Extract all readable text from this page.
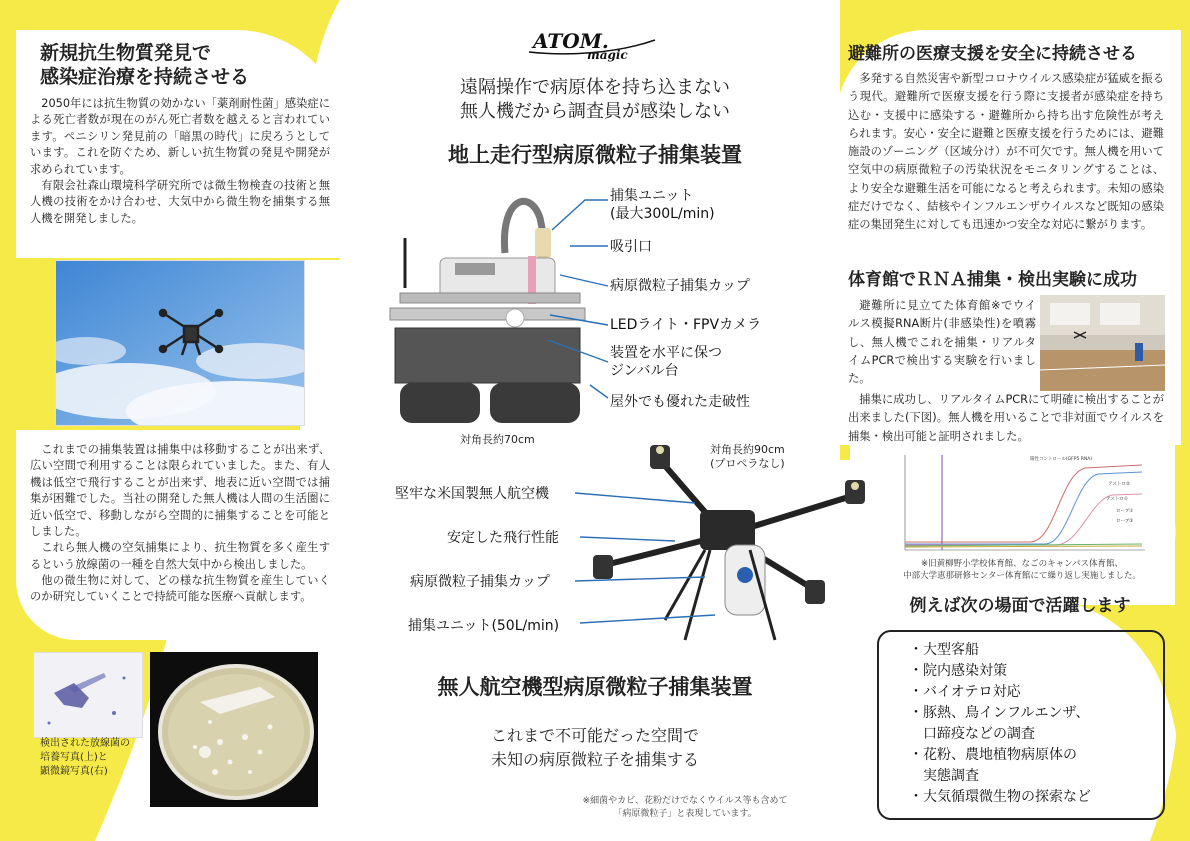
新規抗生物質発見で
感染症治療を持続させる

2050年には抗生物質の効かない「薬剤耐性菌」感染症による死亡者数が現在のがん死亡者数を越えると言われています。ペニシリン発見前の「暗黒の時代」に戻ろうとしています。これを防ぐため、新しい抗生物質の発見や開発が求められています。

有限会社森山環境科学研究所では微生物検査の技術と無人機の技術をかけ合わせ、大気中から微生物を捕集する無人機を開発しました。

これまでの捕集装置は捕集中は移動することが出来ず、広い空間で利用することは限られていました。また、有人機は低空で飛行することが出来ず、地表に近い空間では捕集が困難でした。当社の開発した無人機は人間の生活圏に近い低空で、移動しながら空間的に捕集することを可能としました。

これら無人機の空気捕集により、抗生物質を多く産生するという放線菌の一種を自然大気中から検出しました。

他の微生物に対して、どの様な抗生物質を産生していくのか研究していくことで持続可能な医療へ貢献します。

検出された放線菌の
培養写真(上)と
顕微鏡写真(右)
ATOM.
magic
遠隔操作で病原体を持ち込まない
無人機だから調査員が感染しない
地上走行型病原微粒子捕集装置
捕集ユニット
(最大300L/min)
吸引口
病原微粒子捕集カップ
LEDライト・FPVカメラ
装置を水平に保つ
ジンバル台
屋外でも優れた走破性
対角長約70cm
対角長約90cm
(プロペラなし)
堅牢な米国製無人航空機
安定した飛行性能
病原微粒子捕集カップ
捕集ユニット(50L/min)
無人航空機型病原微粒子捕集装置
これまで不可能だった空間で
未知の病原微粒子を捕集する
※細菌やカビ、花粉だけでなくウイルス等も含めて
「病原微粒子」と表現しています。
避難所の医療支援を安全に持続させる

多発する自然災害や新型コロナウイルス感染症が猛威を振るう現代。避難所で医療支援を行う際に支援者が感染症を持ち込む・支援中に感染する・避難所から持ち出す危険性が考えられます。安心・安全に避難と医療支援を行うためには、避難施設のゾーニング（区域分け）が不可欠です。無人機を用いて空気中の病原微粒子の汚染状況をモニタリングすることは、より安全な避難生活を可能になると考えられます。未知の感染症だけでなく、結核やインフルエンザウイルスなど既知の感染症の集団発生に対しても迅速かつ安全な対応に繋がります。

体育館でＲＮＡ捕集・検出実験に成功

避難所に見立てた体育館※でウイルス模擬RNA断片(非感染性)を噴霧し、無人機でこれを捕集・リアルタイムPCRで検出する実験を行いました。

捕集に成功し、リアルタイムPCRにて明確に検出することが出来ました(下図)。無人機を用いることで非対面でウイルスを捕集・検出可能と証明されました。

陽性コントロール(GFP5 RNA)
アストロ②
アストロ①
ローブ①
ローブ②
※旧黄柳野小学校体育館、なごのキャンパス体育館、
中部大学恵那研修センター体育館にて繰り返し実施しました。
例えば次の場面で活躍します
・大型客船
・院内感染対策
・バイオテロ対応
・豚熱、鳥インフルエンザ、
　口蹄疫などの調査
・花粉、農地植物病原体の
　実態調査
・大気循環微生物の探索など
